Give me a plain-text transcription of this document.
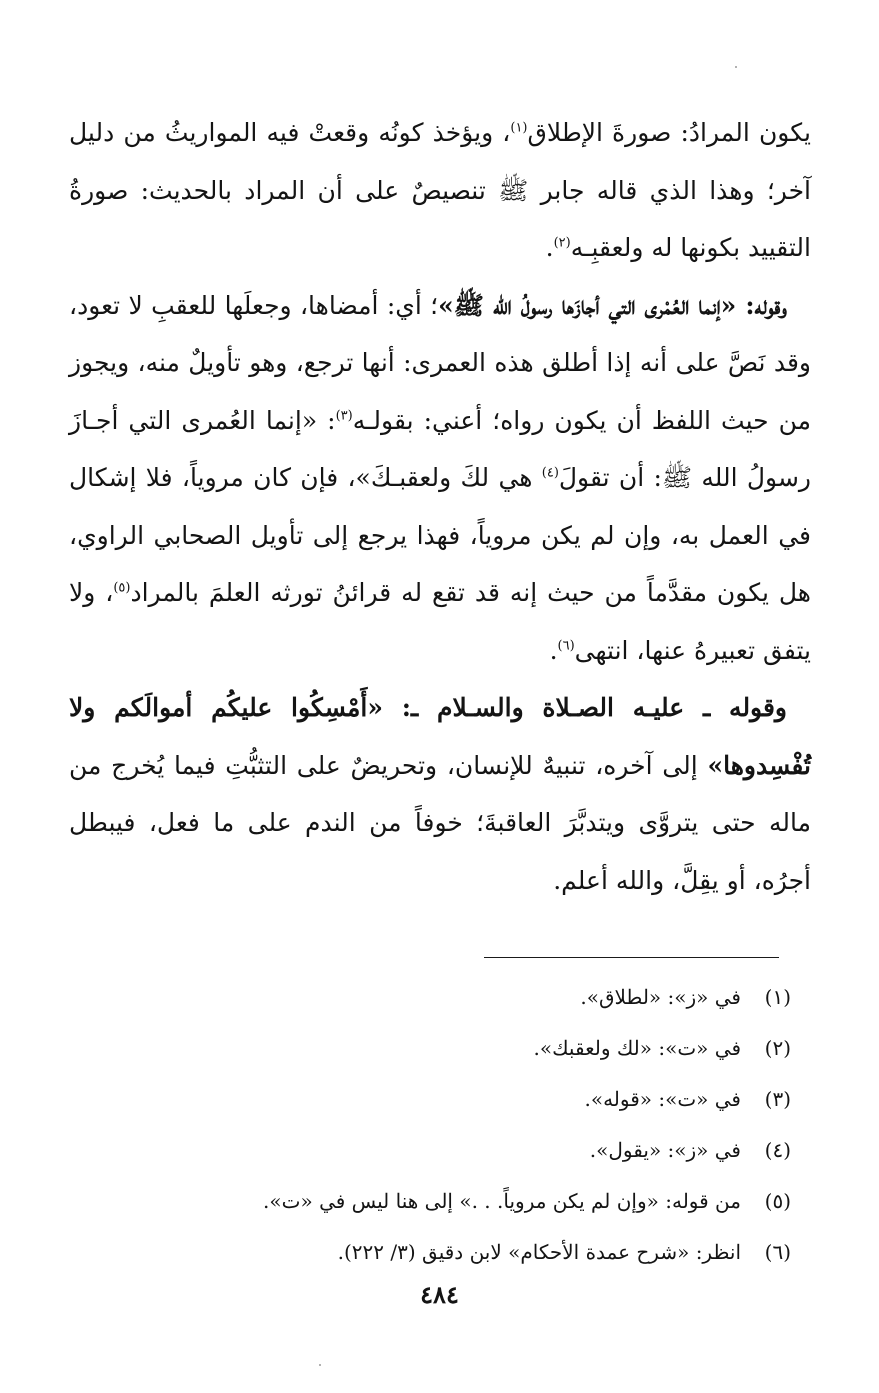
يكون المرادُ: صورةَ الإطلاق$^{(١)}$، ويؤخذ كونُه وقعتْ فيه المواريثُ من دليل آخر؛ وهذا الذي قاله جابر ﷺ تنصيصٌ على أن المراد بالحديث: صورةُ التقييد بكونها له ولعقبِـه$^{(٢)}$.

وقوله: «إنما العُمْرى التي أجازَها رسولُ الله ﷺ»؛ أي: أمضاها، وجعلَها للعقبِ لا تعود، وقد نَصَّ على أنه إذا أطلق هذه العمرى: أنها ترجع، وهو تأويلٌ منه، ويجوز من حيث اللفظ أن يكون رواه؛ أعني: بقولـه$^{(٣)}$: «إنما العُمرى التي أجـازَ رسولُ الله ﷺ: أن تقولَ$^{(٤)}$ هي لكَ ولعقبـكَ»، فإن كان مروياً، فلا إشكال في العمل به، وإن لم يكن مروياً، فهذا يرجع إلى تأويل الصحابي الراوي، هل يكون مقدَّماً من حيث إنه قد تقع له قرائنُ تورثه العلمَ بالمراد$^{(٥)}$، ولا يتفق تعبيرهُ عنها، انتهى$^{(٦)}$.

وقوله ـ عليـه الصـلاة والسـلام ـ: «أَمْسِكُوا عليكُم أموالَكم ولا تُفْسِدوها» إلى آخره، تنبيهٌ للإنسان، وتحريضٌ على التثبُّتِ فيما يُخرج من ماله حتى يتروَّى ويتدبَّرَ العاقبةَ؛ خوفاً من الندم على ما فعل، فيبطل أجرُه، أو يقِلَّ، والله أعلم.

(١)في «ز»: «لطلاق».
(٢)في «ت»: «لك ولعقبك».
(٣)في «ت»: «قوله».
(٤)في «ز»: «يقول».
(٥)من قوله: «وإن لم يكن مروياً. . .» إلى هنا ليس في «ت».
(٦)انظر: «شرح عمدة الأحكام» لابن دقيق (٣/ ٢٢٢).
٤٨٤
